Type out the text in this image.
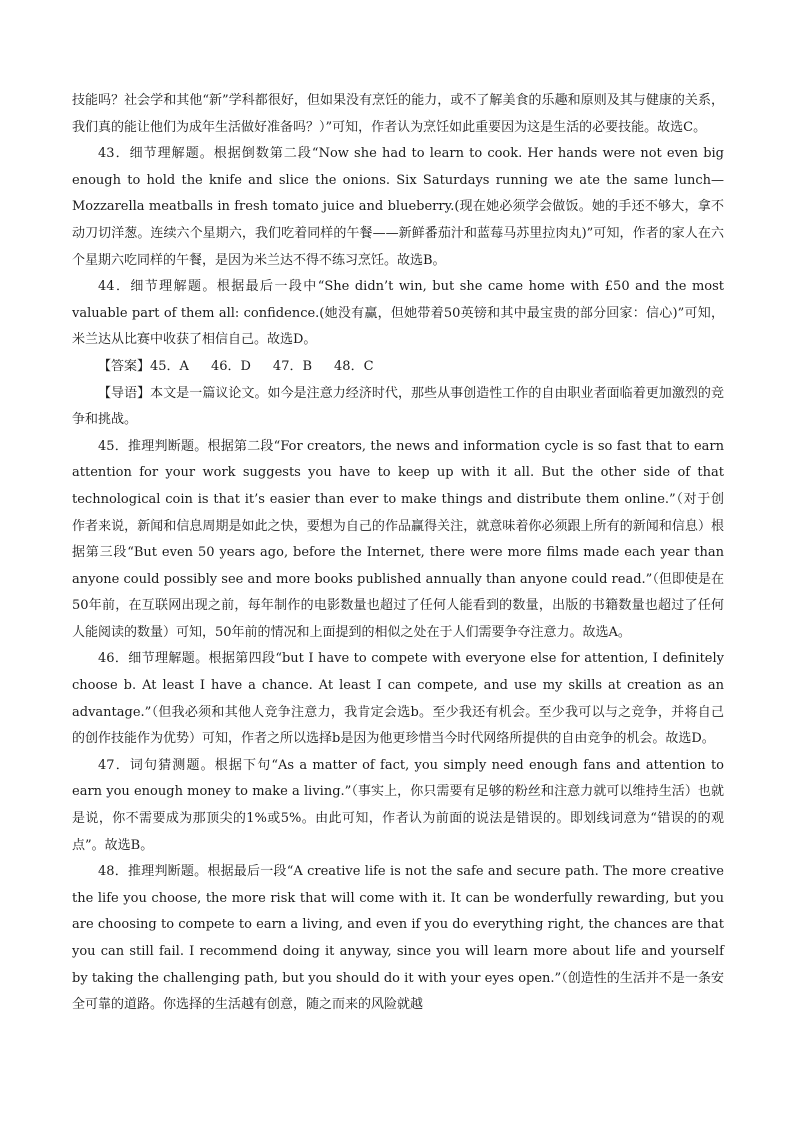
技能吗？社会学和其他“新”学科都很好，但如果没有烹饪的能力，或不了解美食的乐趣和原则及其与健康的关系，我们真的能让他们为成年生活做好准备吗？）”可知，作者认为烹饪如此重要因为这是生活的必要技能。故选C。

43．细节理解题。根据倒数第二段“Now she had to learn to cook. Her hands were not even big enough to hold the knife and slice the onions. Six Saturdays running we ate the same lunch—Mozzarella meatballs in fresh tomato juice and blueberry.(现在她必须学会做饭。她的手还不够大，拿不动刀切洋葱。连续六个星期六，我们吃着同样的午餐——新鲜番茄汁和蓝莓马苏里拉肉丸)”可知，作者的家人在六个星期六吃同样的午餐，是因为米兰达不得不练习烹饪。故选B。

44．细节理解题。根据最后一段中“She didn’t win, but she came home with £50 and the most valuable part of them all: confidence.(她没有赢，但她带着50英镑和其中最宝贵的部分回家：信心)”可知，米兰达从比赛中收获了相信自己。故选D。

【答案】45．A 46．D 47．B 48．C

【导语】本文是一篇议论文。如今是注意力经济时代，那些从事创造性工作的自由职业者面临着更加激烈的竞争和挑战。

45．推理判断题。根据第二段“For creators, the news and information cycle is so fast that to earn attention for your work suggests you have to keep up with it all. But the other side of that technological coin is that it’s easier than ever to make things and distribute them online.”（对于创作者来说，新闻和信息周期是如此之快，要想为自己的作品赢得关注，就意味着你必须跟上所有的新闻和信息）根据第三段“But even 50 years ago, before the Internet, there were more films made each year than anyone could possibly see and more books published annually than anyone could read.”（但即使是在50年前，在互联网出现之前，每年制作的电影数量也超过了任何人能看到的数量，出版的书籍数量也超过了任何人能阅读的数量）可知，50年前的情况和上面提到的相似之处在于人们需要争夺注意力。故选A。

46．细节理解题。根据第四段“but I have to compete with everyone else for attention, I definitely choose b. At least I have a chance. At least I can compete, and use my skills at creation as an advantage.”（但我必须和其他人竞争注意力，我肯定会选b。至少我还有机会。至少我可以与之竞争，并将自己的创作技能作为优势）可知，作者之所以选择b是因为他更珍惜当今时代网络所提供的自由竞争的机会。故选D。

47．词句猜测题。根据下句“As a matter of fact, you simply need enough fans and attention to earn you enough money to make a living.”（事实上，你只需要有足够的粉丝和注意力就可以维持生活）也就是说，你不需要成为那顶尖的1%或5%。由此可知，作者认为前面的说法是错误的。即划线词意为“错误的的观点”。故选B。

48．推理判断题。根据最后一段“A creative life is not the safe and secure path. The more creative the life you choose, the more risk that will come with it. It can be wonderfully rewarding, but you are choosing to compete to earn a living, and even if you do everything right, the chances are that you can still fail. I recommend doing it anyway, since you will learn more about life and yourself by taking the challenging path, but you should do it with your eyes open.”（创造性的生活并不是一条安全可靠的道路。你选择的生活越有创意，随之而来的风险就越
